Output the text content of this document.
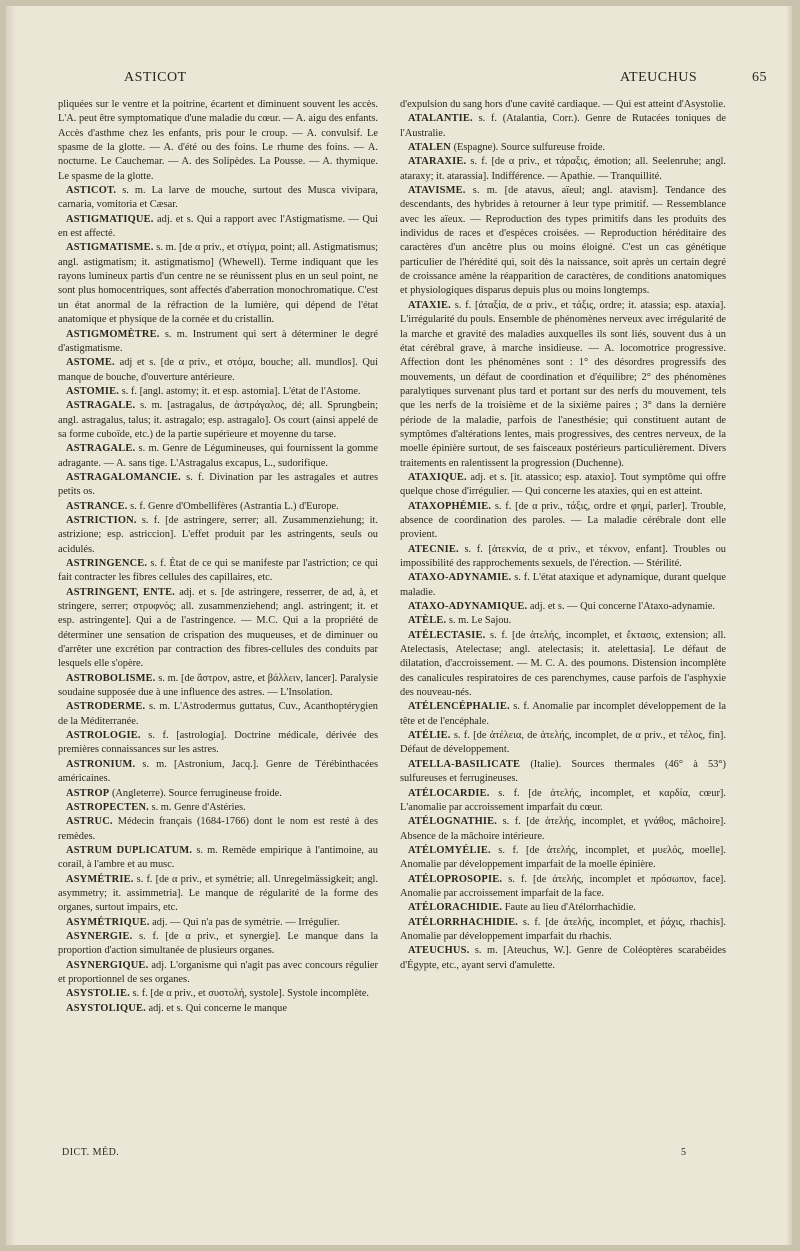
ASTICOT	ATEUCHUS	65

pliquées sur le ventre et la poitrine, écartent et diminuent souvent les accès. L'A. peut être symptomatique d'une maladie du cœur. — A. aigu des enfants. Accès d'asthme chez les enfants, pris pour le croup. — A. convulsif. Le spasme de la glotte. — A. d'été ou des foins. Le rhume des foins. — A. nocturne. Le Cauchemar. — A. des Solipèdes. La Pousse. — A. thymique. Le spasme de la glotte.

ASTICOT. s. m. La larve de mouche, surtout des Musca vivipara, carnaria, vomitoria et Cæsar.

ASTIGMATIQUE. adj. et s. Qui a rapport avec l'Astigmatisme. — Qui en est affecté.

ASTIGMATISME. s. m. [de α priv., et στίγμα, point; all. Astigmatismus; angl. astigmatism; it. astigmatismo] (Whewell). Terme indiquant que les rayons lumineux partis d'un centre ne se réunissent plus en un seul point, ne sont plus homocentriques, sont affectés d'aberration monochromatique. C'est un état anormal de la réfraction de la lumière, qui dépend de l'état anatomique et physique de la cornée et du cristallin.

ASTIGMOMÈTRE. s. m. Instrument qui sert à déterminer le degré d'astigmatisme.

ASTOME. adj et s. [de α priv., et στόμα, bouche; all. mundlos]. Qui manque de bouche, d'ouverture antérieure.

ASTOMIE. s. f. [angl. astomy; it. et esp. astomia]. L'état de l'Astome.

ASTRAGALE. s. m. [astragalus, de ἀστράγαλος, dé; all. Sprungbein; angl. astragalus, talus; it. astragalo; esp. astragalo]. Os court (ainsi appelé de sa forme cuboïde, etc.) de la partie supérieure et moyenne du tarse.

ASTRAGALE. s. m. Genre de Légumineuses, qui fournissent la gomme adragante. — A. sans tige. L'Astragalus excapus, L., sudorifique.

ASTRAGALOMANCIE. s. f. Divination par les astragales et autres petits os.

ASTRANCE. s. f. Genre d'Ombellifères (Astrantia L.) d'Europe.

ASTRICTION. s. f. [de astringere, serrer; all. Zusammenziehung; it. astrizione; esp. astriccion]. L'effet produit par les astringents, seuls ou acidulés.

ASTRINGENCE. s. f. État de ce qui se manifeste par l'astriction; ce qui fait contracter les fibres cellules des capillaires, etc.

ASTRINGENT, ENTE. adj. et s. [de astringere, resserrer, de ad, à, et stringere, serrer; στρυφνός; all. zusammenziehend; angl. astringent; it. et esp. astringente]. Qui a de l'astringence. — M.C. Qui a la propriété de déterminer une sensation de crispation des muqueuses, et de diminuer ou d'arrêter une excrétion par contraction des fibres-cellules des conduits par lesquels elle s'opère.

ASTROBOLISME. s. m. [de ἄστρον, astre, et βάλλειν, lancer]. Paralysie soudaine supposée due à une influence des astres. — L'Insolation.

ASTRODERME. s. m. L'Astrodermus guttatus, Cuv., Acanthoptérygien de la Méditerranée.

ASTROLOGIE. s. f. [astrologia]. Doctrine médicale, dérivée des premières connaissances sur les astres.

ASTRONIUM. s. m. [Astronium, Jacq.]. Genre de Térébinthacées américaines.

ASTROP (Angleterre). Source ferrugineuse froide.

ASTROPECTEN. s. m. Genre d'Astéries.

ASTRUC. Médecin français (1684-1766) dont le nom est resté à des remèdes.

ASTRUM DUPLICATUM. s. m. Remède empirique à l'antimoine, au corail, à l'ambre et au musc.

ASYMÉTRIE. s. f. [de α priv., et symétrie; all. Unregelmässigkeit; angl. asymmetry; it. assimmetria]. Le manque de régularité de la forme des organes, surtout impairs, etc.

ASYMÉTRIQUE. adj. — Qui n'a pas de symétrie. — Irrégulier.

ASYNERGIE. s. f. [de α priv., et synergie]. Le manque dans la proportion d'action simultanée de plusieurs organes.

ASYNERGIQUE. adj. L'organisme qui n'agit pas avec concours régulier et proportionnel de ses organes.

ASYSTOLIE. s. f. [de α priv., et συστολή, systole]. Systole incomplète.

ASYSTOLIQUE. adj. et s. Qui concerne le manque

d'expulsion du sang hors d'une cavité cardiaque. — Qui est atteint d'Asystolie.

ATALANTIE. s. f. (Atalantia, Corr.). Genre de Rutacées toniques de l'Australie.

ATALEN (Espagne). Source sulfureuse froide.

ATARAXIE. s. f. [de α priv., et τάραξις, émotion; all. Seelenruhe; angl. ataraxy; it. atarassia]. Indifférence. — Apathie. — Tranquillité.

ATAVISME. s. m. [de atavus, aïeul; angl. atavism]. Tendance des descendants, des hybrides à retourner à leur type primitif. — Ressemblance avec les aïeux. — Reproduction des types primitifs dans les produits des individus de races et d'espèces croisées. — Reproduction héréditaire des caractères d'un ancêtre plus ou moins éloigné. C'est un cas génétique particulier de l'hérédité qui, soit dès la naissance, soit après un certain degré de croissance amène la réapparition de caractères, de conditions anatomiques et physiologiques disparus depuis plus ou moins longtemps.

ATAXIE. s. f. [ἀταξία, de α priv., et τάξις, ordre; it. atassia; esp. ataxia]. L'irrégularité du pouls. Ensemble de phénomènes nerveux avec irrégularité de la marche et gravité des maladies auxquelles ils sont liés, souvent dus à un état cérébral grave, à marche insidieuse. — A. locomotrice progressive. Affection dont les phénomènes sont : 1° des désordres progressifs des mouvements, un défaut de coordination et d'équilibre; 2° des phénomènes paralytiques survenant plus tard et portant sur des nerfs du mouvement, tels que les nerfs de la troisième et de la sixième paires ; 3° dans la dernière période de la maladie, parfois de l'anesthésie; qui constituent autant de symptômes d'altérations lentes, mais progressives, des centres nerveux, de la moelle épinière surtout, de ses faisceaux postérieurs particulièrement. Divers traitements en ralentissent la progression (Duchenne).

ATAXIQUE. adj. et s. [it. atassico; esp. ataxio]. Tout symptôme qui offre quelque chose d'irrégulier. — Qui concerne les ataxies, qui en est atteint.

ATAXOPHÉMIE. s. f. [de α priv., τάξις, ordre et φημί, parler]. Trouble, absence de coordination des paroles. — La maladie cérébrale dont elle provient.

ATECNIE. s. f. [ἀτεκνία, de α priv., et τέκνον, enfant]. Troubles ou impossibilité des rapprochements sexuels, de l'érection. — Stérilité.

ATAXO-ADYNAMIE. s. f. L'état ataxique et adynamique, durant quelque maladie.

ATAXO-ADYNAMIQUE. adj. et s. — Qui concerne l'Ataxo-adynamie.

ATÈLE. s. m. Le Sajou.

ATÉLECTASIE. s. f. [de ἀτελής, incomplet, et ἔκτασις, extension; all. Atelectasis, Atelectase; angl. atelectasis; it. atelettasia]. Le défaut de dilatation, d'accroissement. — M. C. A. des poumons. Distension incomplète des canalicules respiratoires de ces parenchymes, cause parfois de l'asphyxie des nouveau-nés.

ATÉLENCÉPHALIE. s. f. Anomalie par incomplet développement de la tête et de l'encéphale.

ATÉLIE. s. f. [de ἀτέλεια, de ἀτελής, incomplet, de α priv., et τέλος, fin]. Défaut de développement.

ATELLA-BASILICATE (Italie). Sources thermales (46° à 53°) sulfureuses et ferrugineuses.

ATÉLOCARDIE. s. f. [de ἀτελής, incomplet, et καρδία, cœur]. L'anomalie par accroissement imparfait du cœur.

ATÉLOGNATHIE. s. f. [de ἀτελής, incomplet, et γνάθος, mâchoire]. Absence de la mâchoire intérieure.

ATÉLOMYÉLIE. s. f. [de ἀτελής, incomplet, et μυελός, moelle]. Anomalie par développement imparfait de la moelle épinière.

ATÉLOPROSOPIE. s. f. [de ἀτελής, incomplet et πρόσωπον, face]. Anomalie par accroissement imparfait de la face.

ATÉLORACHIDIE. Faute au lieu d'Atélorrhachidie.

ATÉLORRHACHIDIE. s. f. [de ἀτελής, incomplet, et ῥάχις, rhachis]. Anomalie par développement imparfait du rhachis.

ATEUCHUS. s. m. [Ateuchus, W.]. Genre de Coléoptères scarabéides d'Égypte, etc., ayant servi d'amulette.

DICT. MÉD.	5
